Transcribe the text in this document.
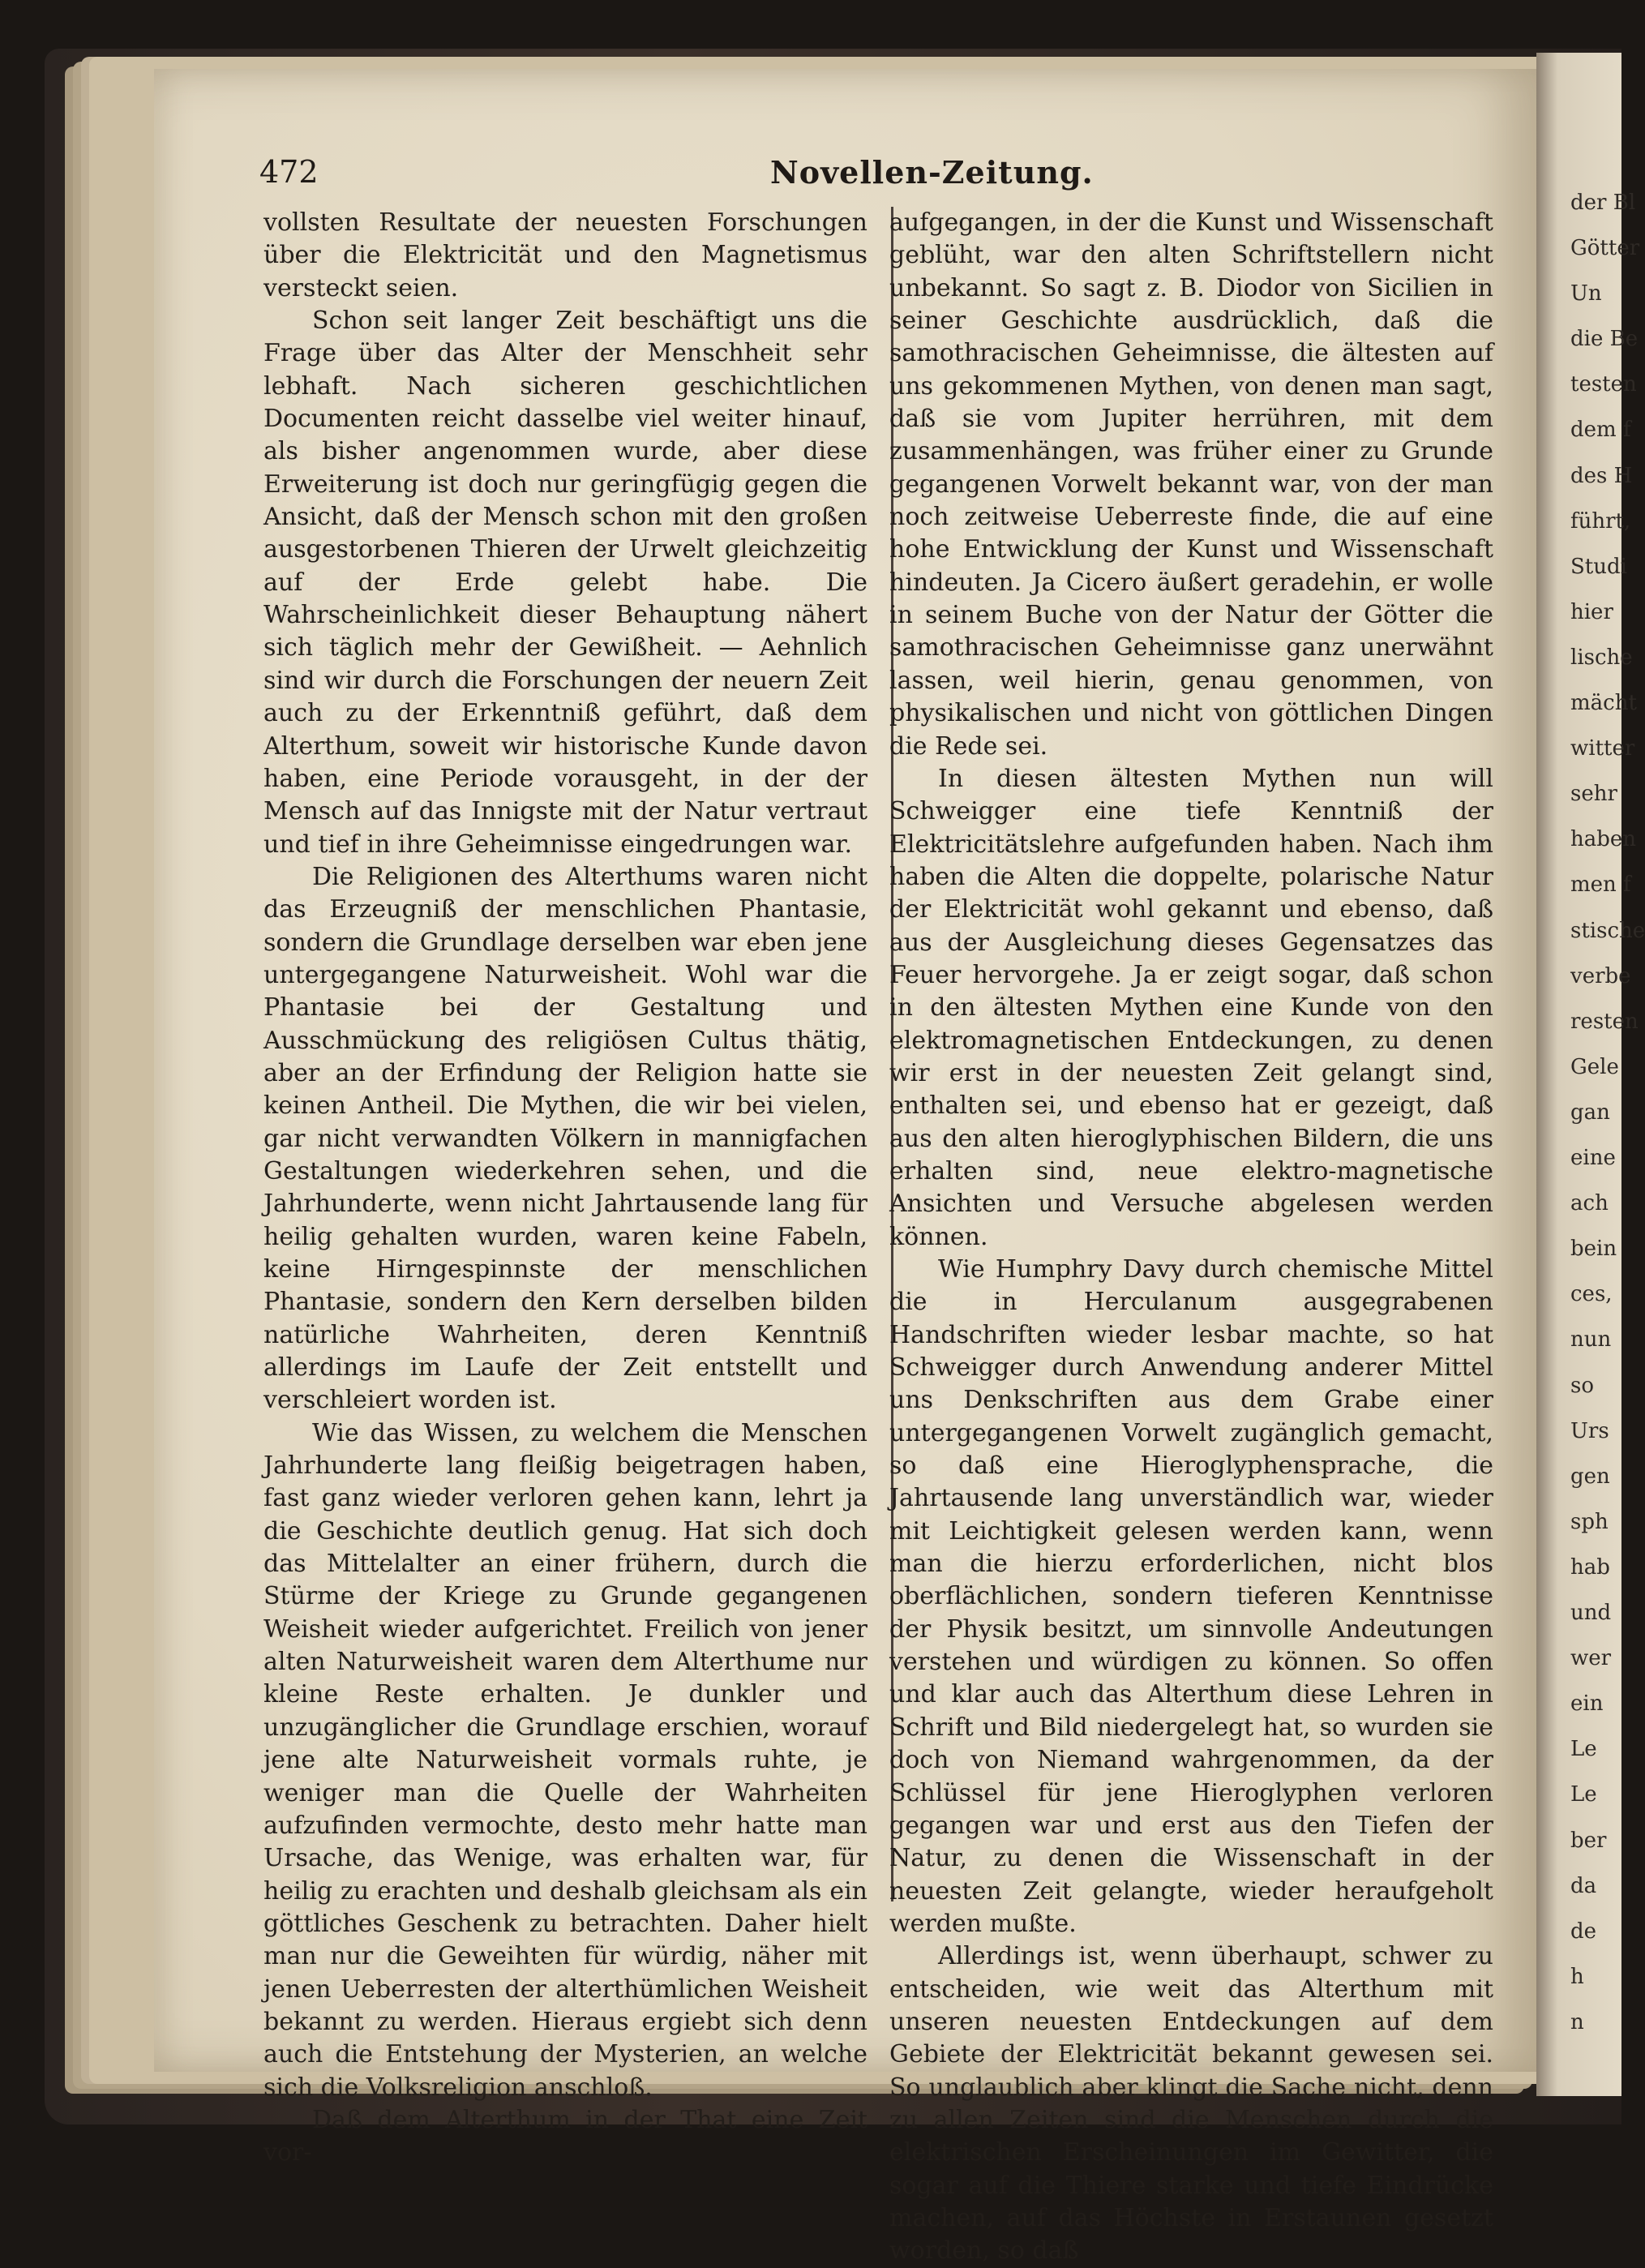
der Bl
Götter
Un
die Be
testen
dem f
des H
führt,
Studi
hier
lische
mächt
witter
sehr
haben
men f
stische
verbe
resten
Gele
gan
eine
ach
bein
ces,
nun
so
Urs
gen
sph
hab
und
wer
ein
Le
Le
ber
da
de
h
n
472	Novellen-Zeitung.

vollsten Resultate der neuesten Forschungen über die Elektricität und den Magnetismus versteckt seien.

Schon seit langer Zeit beschäftigt uns die Frage über das Alter der Menschheit sehr lebhaft. Nach sicheren geschichtlichen Documenten reicht dasselbe viel weiter hinauf, als bisher angenommen wurde, aber diese Erweiterung ist doch nur geringfügig gegen die Ansicht, daß der Mensch schon mit den großen ausgestorbenen Thieren der Urwelt gleichzeitig auf der Erde gelebt habe. Die Wahrscheinlichkeit dieser Behauptung nähert sich täglich mehr der Gewißheit. — Aehnlich sind wir durch die Forschungen der neuern Zeit auch zu der Erkenntniß geführt, daß dem Alterthum, soweit wir historische Kunde davon haben, eine Periode vorausgeht, in der der Mensch auf das Innigste mit der Natur vertraut und tief in ihre Geheimnisse eingedrungen war.

Die Religionen des Alterthums waren nicht das Erzeugniß der menschlichen Phantasie, sondern die Grundlage derselben war eben jene untergegangene Naturweisheit. Wohl war die Phantasie bei der Gestaltung und Ausschmückung des religiösen Cultus thätig, aber an der Erfindung der Religion hatte sie keinen Antheil. Die Mythen, die wir bei vielen, gar nicht verwandten Völkern in mannigfachen Gestaltungen wiederkehren sehen, und die Jahrhunderte, wenn nicht Jahrtausende lang für heilig gehalten wurden, waren keine Fabeln, keine Hirngespinnste der menschlichen Phantasie, sondern den Kern derselben bilden natürliche Wahrheiten, deren Kenntniß allerdings im Laufe der Zeit entstellt und verschleiert worden ist.

Wie das Wissen, zu welchem die Menschen Jahrhunderte lang fleißig beigetragen haben, fast ganz wieder verloren gehen kann, lehrt ja die Geschichte deutlich genug. Hat sich doch das Mittelalter an einer frühern, durch die Stürme der Kriege zu Grunde gegangenen Weisheit wieder aufgerichtet. Freilich von jener alten Naturweisheit waren dem Alterthume nur kleine Reste erhalten. Je dunkler und unzugänglicher die Grundlage erschien, worauf jene alte Naturweisheit vormals ruhte, je weniger man die Quelle der Wahrheiten aufzufinden vermochte, desto mehr hatte man Ursache, das Wenige, was erhalten war, für heilig zu erachten und deshalb gleichsam als ein göttliches Geschenk zu betrachten. Daher hielt man nur die Geweihten für würdig, näher mit jenen Ueberresten der alterthümlichen Weisheit bekannt zu werden. Hieraus ergiebt sich denn auch die Entstehung der Mysterien, an welche sich die Volksreligion anschloß.

Daß dem Alterthum in der That eine Zeit vor-

aufgegangen, in der die Kunst und Wissenschaft geblüht, war den alten Schriftstellern nicht unbekannt. So sagt z. B. Diodor von Sicilien in seiner Geschichte ausdrücklich, daß die samothracischen Geheimnisse, die ältesten auf uns gekommenen Mythen, von denen man sagt, daß sie vom Jupiter herrühren, mit dem zusammenhängen, was früher einer zu Grunde gegangenen Vorwelt bekannt war, von der man noch zeitweise Ueberreste finde, die auf eine hohe Entwicklung der Kunst und Wissenschaft hindeuten. Ja Cicero äußert geradehin, er wolle in seinem Buche von der Natur der Götter die samothracischen Geheimnisse ganz unerwähnt lassen, weil hierin, genau genommen, von physikalischen und nicht von göttlichen Dingen die Rede sei.

In diesen ältesten Mythen nun will Schweigger eine tiefe Kenntniß der Elektricitätslehre aufgefunden haben. Nach ihm haben die Alten die doppelte, polarische Natur der Elektricität wohl gekannt und ebenso, daß aus der Ausgleichung dieses Gegensatzes das Feuer hervorgehe. Ja er zeigt sogar, daß schon in den ältesten Mythen eine Kunde von den elektromagnetischen Entdeckungen, zu denen wir erst in der neuesten Zeit gelangt sind, enthalten sei, und ebenso hat er gezeigt, daß aus den alten hieroglyphischen Bildern, die uns erhalten sind, neue elektro-magnetische Ansichten und Versuche abgelesen werden können.

Wie Humphry Davy durch chemische Mittel die in Herculanum ausgegrabenen Handschriften wieder lesbar machte, so hat Schweigger durch Anwendung anderer Mittel uns Denkschriften aus dem Grabe einer untergegangenen Vorwelt zugänglich gemacht, so daß eine Hieroglyphensprache, die Jahrtausende lang unverständlich war, wieder mit Leichtigkeit gelesen werden kann, wenn man die hierzu erforderlichen, nicht blos oberflächlichen, sondern tieferen Kenntnisse der Physik besitzt, um sinnvolle Andeutungen verstehen und würdigen zu können. So offen und klar auch das Alterthum diese Lehren in Schrift und Bild niedergelegt hat, so wurden sie doch von Niemand wahrgenommen, da der Schlüssel für jene Hieroglyphen verloren gegangen war und erst aus den Tiefen der Natur, zu denen die Wissenschaft in der neuesten Zeit gelangte, wieder heraufgeholt werden mußte.

Allerdings ist, wenn überhaupt, schwer zu entscheiden, wie weit das Alterthum mit unseren neuesten Entdeckungen auf dem Gebiete der Elektricität bekannt gewesen sei. So unglaublich aber klingt die Sache nicht, denn zu allen Zeiten sind die Menschen durch die elektrischen Erscheinungen im Gewitter, die sogar auf die Thiere starke und tiefe Eindrücke machen, auf das Höchste in Erstaunen gesetzt worden, so daß
